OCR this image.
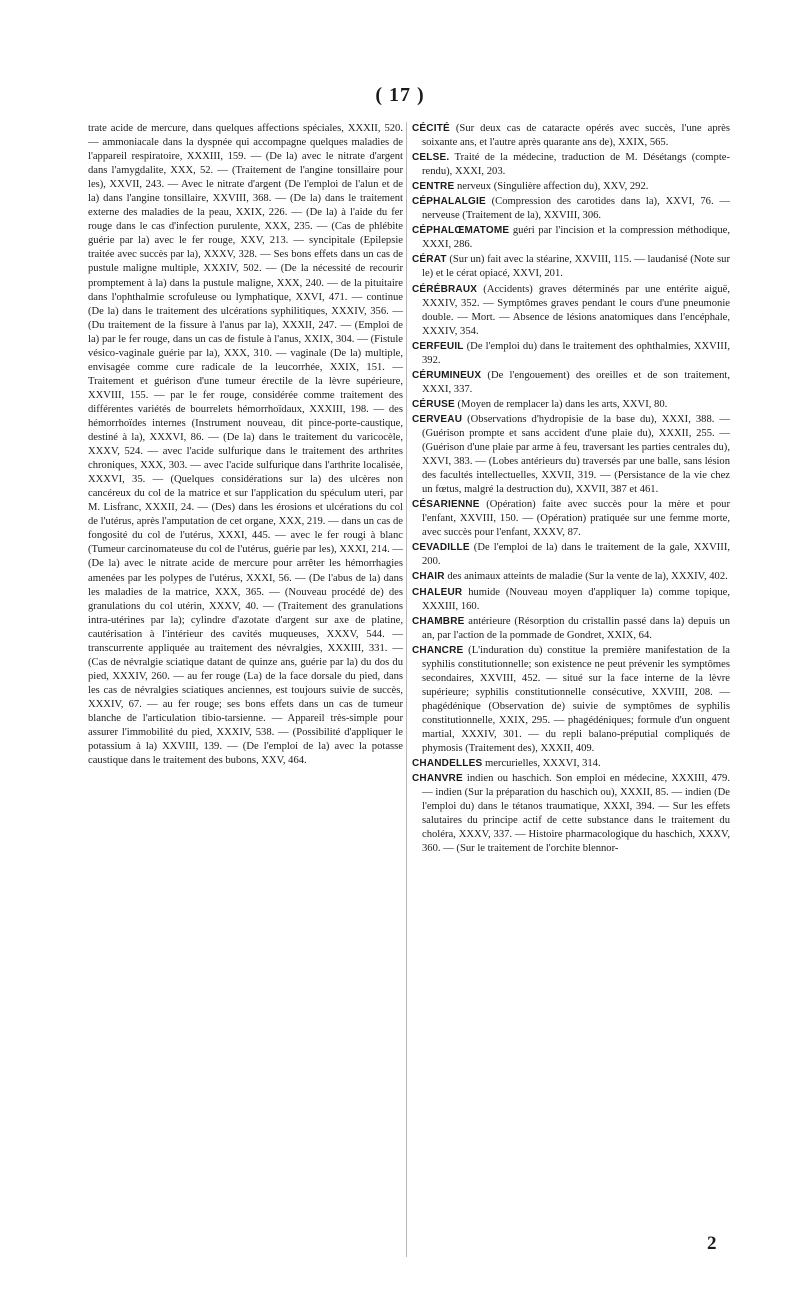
( 17 )

trate acide de mercure, dans quelques affections spéciales, XXXII, 520. — ammoniacale dans la dyspnée qui accompagne quelques maladies de l'appareil respiratoire, XXXIII, 159. — (De la) avec le nitrate d'argent dans l'amygdalite, XXX, 52. — (Traitement de l'angine tonsillaire pour les), XXVII, 243. — Avec le nitrate d'argent (De l'emploi de l'alun et de la) dans l'angine tonsillaire, XXVIII, 368. — (De la) dans le traitement externe des maladies de la peau, XXIX, 226. — (De la) à l'aide du fer rouge dans le cas d'infection purulente, XXX, 235. — (Cas de phlébite guérie par la) avec le fer rouge, XXV, 213. — syncipitale (Epilepsie traitée avec succès par la), XXXV, 328. — Ses bons effets dans un cas de pustule maligne multiple, XXXIV, 502. — (De la nécessité de recourir promptement à la) dans la pustule maligne, XXX, 240. — de la pituitaire dans l'ophthalmie scrofuleuse ou lymphatique, XXVI, 471. — continue (De la) dans le traitement des ulcérations syphilitiques, XXXIV, 356. — (Du traitement de la fissure à l'anus par la), XXXII, 247. — (Emploi de la) par le fer rouge, dans un cas de fistule à l'anus, XXIX, 304. — (Fistule vésico-vaginale guérie par la), XXX, 310. — vaginale (De la) multiple, envisagée comme cure radicale de la leucorrhée, XXIX, 151. — Traitement et guérison d'une tumeur érectile de la lèvre supérieure, XXVIII, 155. — par le fer rouge, considérée comme traitement des différentes variétés de bourrelets hémorrhoïdaux, XXXIII, 198. — des hémorrhoïdes internes (Instrument nouveau, dit pince-porte-caustique, destiné à la), XXXVI, 86. — (De la) dans le traitement du varicocèle, XXXV, 524. — avec l'acide sulfurique dans le traitement des arthrites chroniques, XXX, 303. — avec l'acide sulfurique dans l'arthrite localisée, XXXVI, 35. — (Quelques considérations sur la) des ulcères non cancéreux du col de la matrice et sur l'application du spéculum uteri, par M. Lisfranc, XXXII, 24. — (Des) dans les érosions et ulcérations du col de l'utérus, après l'amputation de cet organe, XXX, 219. — dans un cas de fongosité du col de l'utérus, XXXI, 445. — avec le fer rougi à blanc (Tumeur carcinomateuse du col de l'utérus, guérie par les), XXXI, 214. — (De la) avec le nitrate acide de mercure pour arrêter les hémorrhagies amenées par les polypes de l'utérus, XXXI, 56. — (De l'abus de la) dans les maladies de la matrice, XXX, 365. — (Nouveau procédé de) des granulations du col utérin, XXXV, 40. — (Traitement des granulations intra-utérines par la); cylindre d'azotate d'argent sur axe de platine, cautérisation à l'intérieur des cavités muqueuses, XXXV, 544. — transcurrente appliquée au traitement des névralgies, XXXIII, 331. — (Cas de névralgie sciatique datant de quinze ans, guérie par la) du dos du pied, XXXIV, 260. — au fer rouge (La) de la face dorsale du pied, dans les cas de névralgies sciatiques anciennes, est toujours suivie de succès, XXXIV, 67. — au fer rouge; ses bons effets dans un cas de tumeur blanche de l'articulation tibio-tarsienne. — Appareil très-simple pour assurer l'immobilité du pied, XXXIV, 538. — (Possibilité d'appliquer le potassium à la) XXVIII, 139. — (De l'emploi de la) avec la potasse caustique dans le traitement des bubons, XXV, 464.

CÉCITÉ (Sur deux cas de cataracte opérés avec succès, l'une après soixante ans, et l'autre après quarante ans de), XXIX, 565.

CELSE. Traité de la médecine, traduction de M. Désétangs (compte-rendu), XXXI, 203.

CENTRE nerveux (Singulière affection du), XXV, 292.

CÉPHALALGIE (Compression des carotides dans la), XXVI, 76. — nerveuse (Traitement de la), XXVIII, 306.

CÉPHALŒMATOME guéri par l'incision et la compression méthodique, XXXI, 286.

CÉRAT (Sur un) fait avec la stéarine, XXVIII, 115. — laudanisé (Note sur le) et le cérat opiacé, XXVI, 201.

CÉRÉBRAUX (Accidents) graves déterminés par une entérite aiguë, XXXIV, 352. — Symptômes graves pendant le cours d'une pneumonie double. — Mort. — Absence de lésions anatomiques dans l'encéphale, XXXIV, 354.

CERFEUIL (De l'emploi du) dans le traitement des ophthalmies, XXVIII, 392.

CÉRUMINEUX (De l'engouement) des oreilles et de son traitement, XXXI, 337.

CÉRUSE (Moyen de remplacer la) dans les arts, XXVI, 80.

CERVEAU (Observations d'hydropisie de la base du), XXXI, 388. — (Guérison prompte et sans accident d'une plaie du), XXXII, 255. — (Guérison d'une plaie par arme à feu, traversant les parties centrales du), XXVI, 383. — (Lobes antérieurs du) traversés par une balle, sans lésion des facultés intellectuelles, XXVII, 319. — (Persistance de la vie chez un fœtus, malgré la destruction du), XXVII, 387 et 461.

CÉSARIENNE (Opération) faite avec succès pour la mère et pour l'enfant, XXVIII, 150. — (Opération) pratiquée sur une femme morte, avec succès pour l'enfant, XXXV, 87.

CEVADILLE (De l'emploi de la) dans le traitement de la gale, XXVIII, 200.

CHAIR des animaux atteints de maladie (Sur la vente de la), XXXIV, 402.

CHALEUR humide (Nouveau moyen d'appliquer la) comme topique, XXXIII, 160.

CHAMBRE antérieure (Résorption du cristallin passé dans la) depuis un an, par l'action de la pommade de Gondret, XXIX, 64.

CHANCRE (L'induration du) constitue la première manifestation de la syphilis constitutionnelle; son existence ne peut prévenir les symptômes secondaires, XXVIII, 452. — situé sur la face interne de la lèvre supérieure; syphilis constitutionnelle consécutive, XXVIII, 208. — phagédénique (Observation de) suivie de symptômes de syphilis constitutionnelle, XXIX, 295. — phagédéniques; formule d'un onguent martial, XXXIV, 301. — du repli balano-préputial compliqués de phymosis (Traitement des), XXXII, 409.

CHANDELLES mercurielles, XXXVI, 314.

CHANVRE indien ou haschich. Son emploi en médecine, XXXIII, 479. — indien (Sur la préparation du haschich ou), XXXII, 85. — indien (De l'emploi du) dans le tétanos traumatique, XXXI, 394. — Sur les effets salutaires du principe actif de cette substance dans le traitement du choléra, XXXV, 337. — Histoire pharmacologique du haschich, XXXV, 360. — (Sur le traitement de l'orchite blennor-

2
